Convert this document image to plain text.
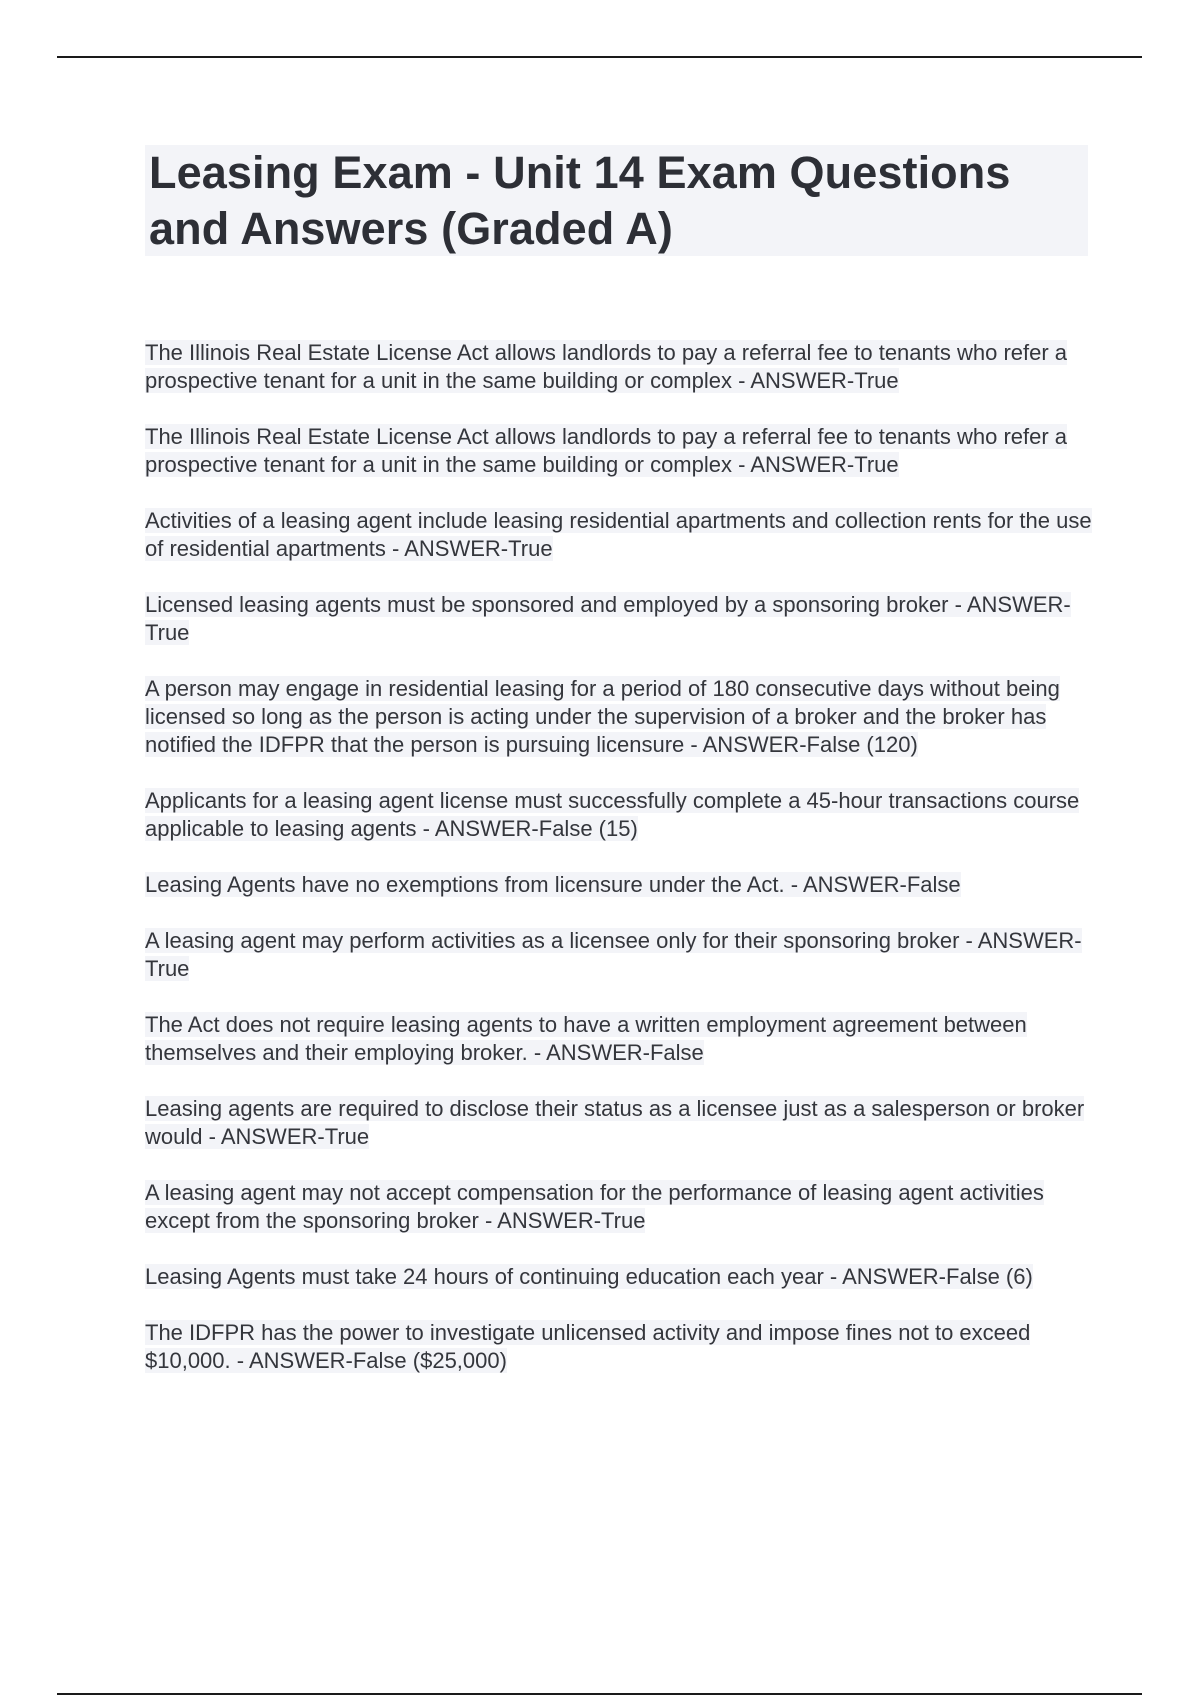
Leasing Exam - Unit 14 Exam Questions and Answers (Graded A)
The Illinois Real Estate License Act allows landlords to pay a referral fee to tenants who refer a prospective tenant for a unit in the same building or complex - ANSWER-True
The Illinois Real Estate License Act allows landlords to pay a referral fee to tenants who refer a prospective tenant for a unit in the same building or complex - ANSWER-True
Activities of a leasing agent include leasing residential apartments and collection rents for the use of residential apartments - ANSWER-True
Licensed leasing agents must be sponsored and employed by a sponsoring broker - ANSWER-True
A person may engage in residential leasing for a period of 180 consecutive days without being licensed so long as the person is acting under the supervision of a broker and the broker has notified the IDFPR that the person is pursuing licensure - ANSWER-False (120)
Applicants for a leasing agent license must successfully complete a 45-hour transactions course applicable to leasing agents - ANSWER-False (15)
Leasing Agents have no exemptions from licensure under the Act. - ANSWER-False
A leasing agent may perform activities as a licensee only for their sponsoring broker - ANSWER-True
The Act does not require leasing agents to have a written employment agreement between themselves and their employing broker. - ANSWER-False
Leasing agents are required to disclose their status as a licensee just as a salesperson or broker would - ANSWER-True
A leasing agent may not accept compensation for the performance of leasing agent activities except from the sponsoring broker - ANSWER-True
Leasing Agents must take 24 hours of continuing education each year - ANSWER-False (6)
The IDFPR has the power to investigate unlicensed activity and impose fines not to exceed $10,000. - ANSWER-False ($25,000)
